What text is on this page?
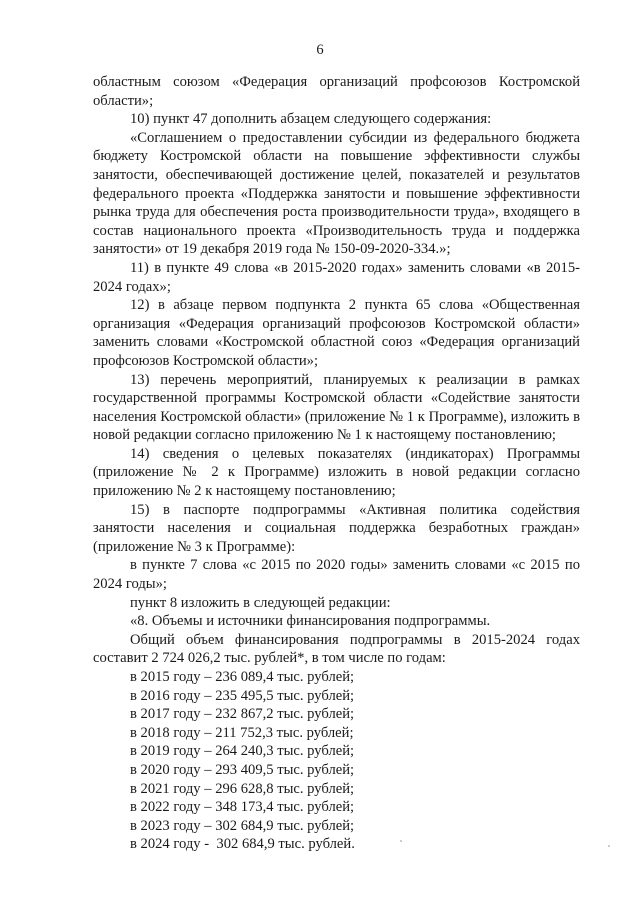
6

областным союзом «Федерация организаций профсоюзов Костромской области»;

10) пункт 47 дополнить абзацем следующего содержания:

«Соглашением о предоставлении субсидии из федерального бюджета бюджету Костромской области на повышение эффективности службы занятости, обеспечивающей достижение целей, показателей и результатов федерального проекта «Поддержка занятости и повышение эффективности рынка труда для обеспечения роста производительности труда», входящего в состав национального проекта «Производительность труда и поддержка занятости» от 19 декабря 2019 года № 150-09-2020-334.»;

11) в пункте 49 слова «в 2015-2020 годах» заменить словами «в 2015-2024 годах»;

12) в абзаце первом подпункта 2 пункта 65 слова «Общественная организация «Федерация организаций профсоюзов Костромской области» заменить словами «Костромской областной союз «Федерация организаций профсоюзов Костромской области»;

13) перечень мероприятий, планируемых к реализации в рамках государственной программы Костромской области «Содействие занятости населения Костромской области» (приложение № 1 к Программе), изложить в новой редакции согласно приложению № 1 к настоящему постановлению;

14) сведения о целевых показателях (индикаторах) Программы (приложение № 2 к Программе) изложить в новой редакции согласно приложению № 2 к настоящему постановлению;

15) в паспорте подпрограммы «Активная политика содействия занятости населения и социальная поддержка безработных граждан» (приложение № 3 к Программе):

в пункте 7 слова «с 2015 по 2020 годы» заменить словами «с 2015 по 2024 годы»;

пункт 8 изложить в следующей редакции:

«8. Объемы и источники финансирования подпрограммы.

Общий объем финансирования подпрограммы в 2015-2024 годах составит 2 724 026,2 тыс. рублей*, в том числе по годам:

в 2015 году – 236 089,4 тыс. рублей;

в 2016 году – 235 495,5 тыс. рублей;

в 2017 году – 232 867,2 тыс. рублей;

в 2018 году – 211 752,3 тыс. рублей;

в 2019 году – 264 240,3 тыс. рублей;

в 2020 году – 293 409,5 тыс. рублей;

в 2021 году – 296 628,8 тыс. рублей;

в 2022 году – 348 173,4 тыс. рублей;

в 2023 году – 302 684,9 тыс. рублей;

в 2024 году -  302 684,9 тыс. рублей.
